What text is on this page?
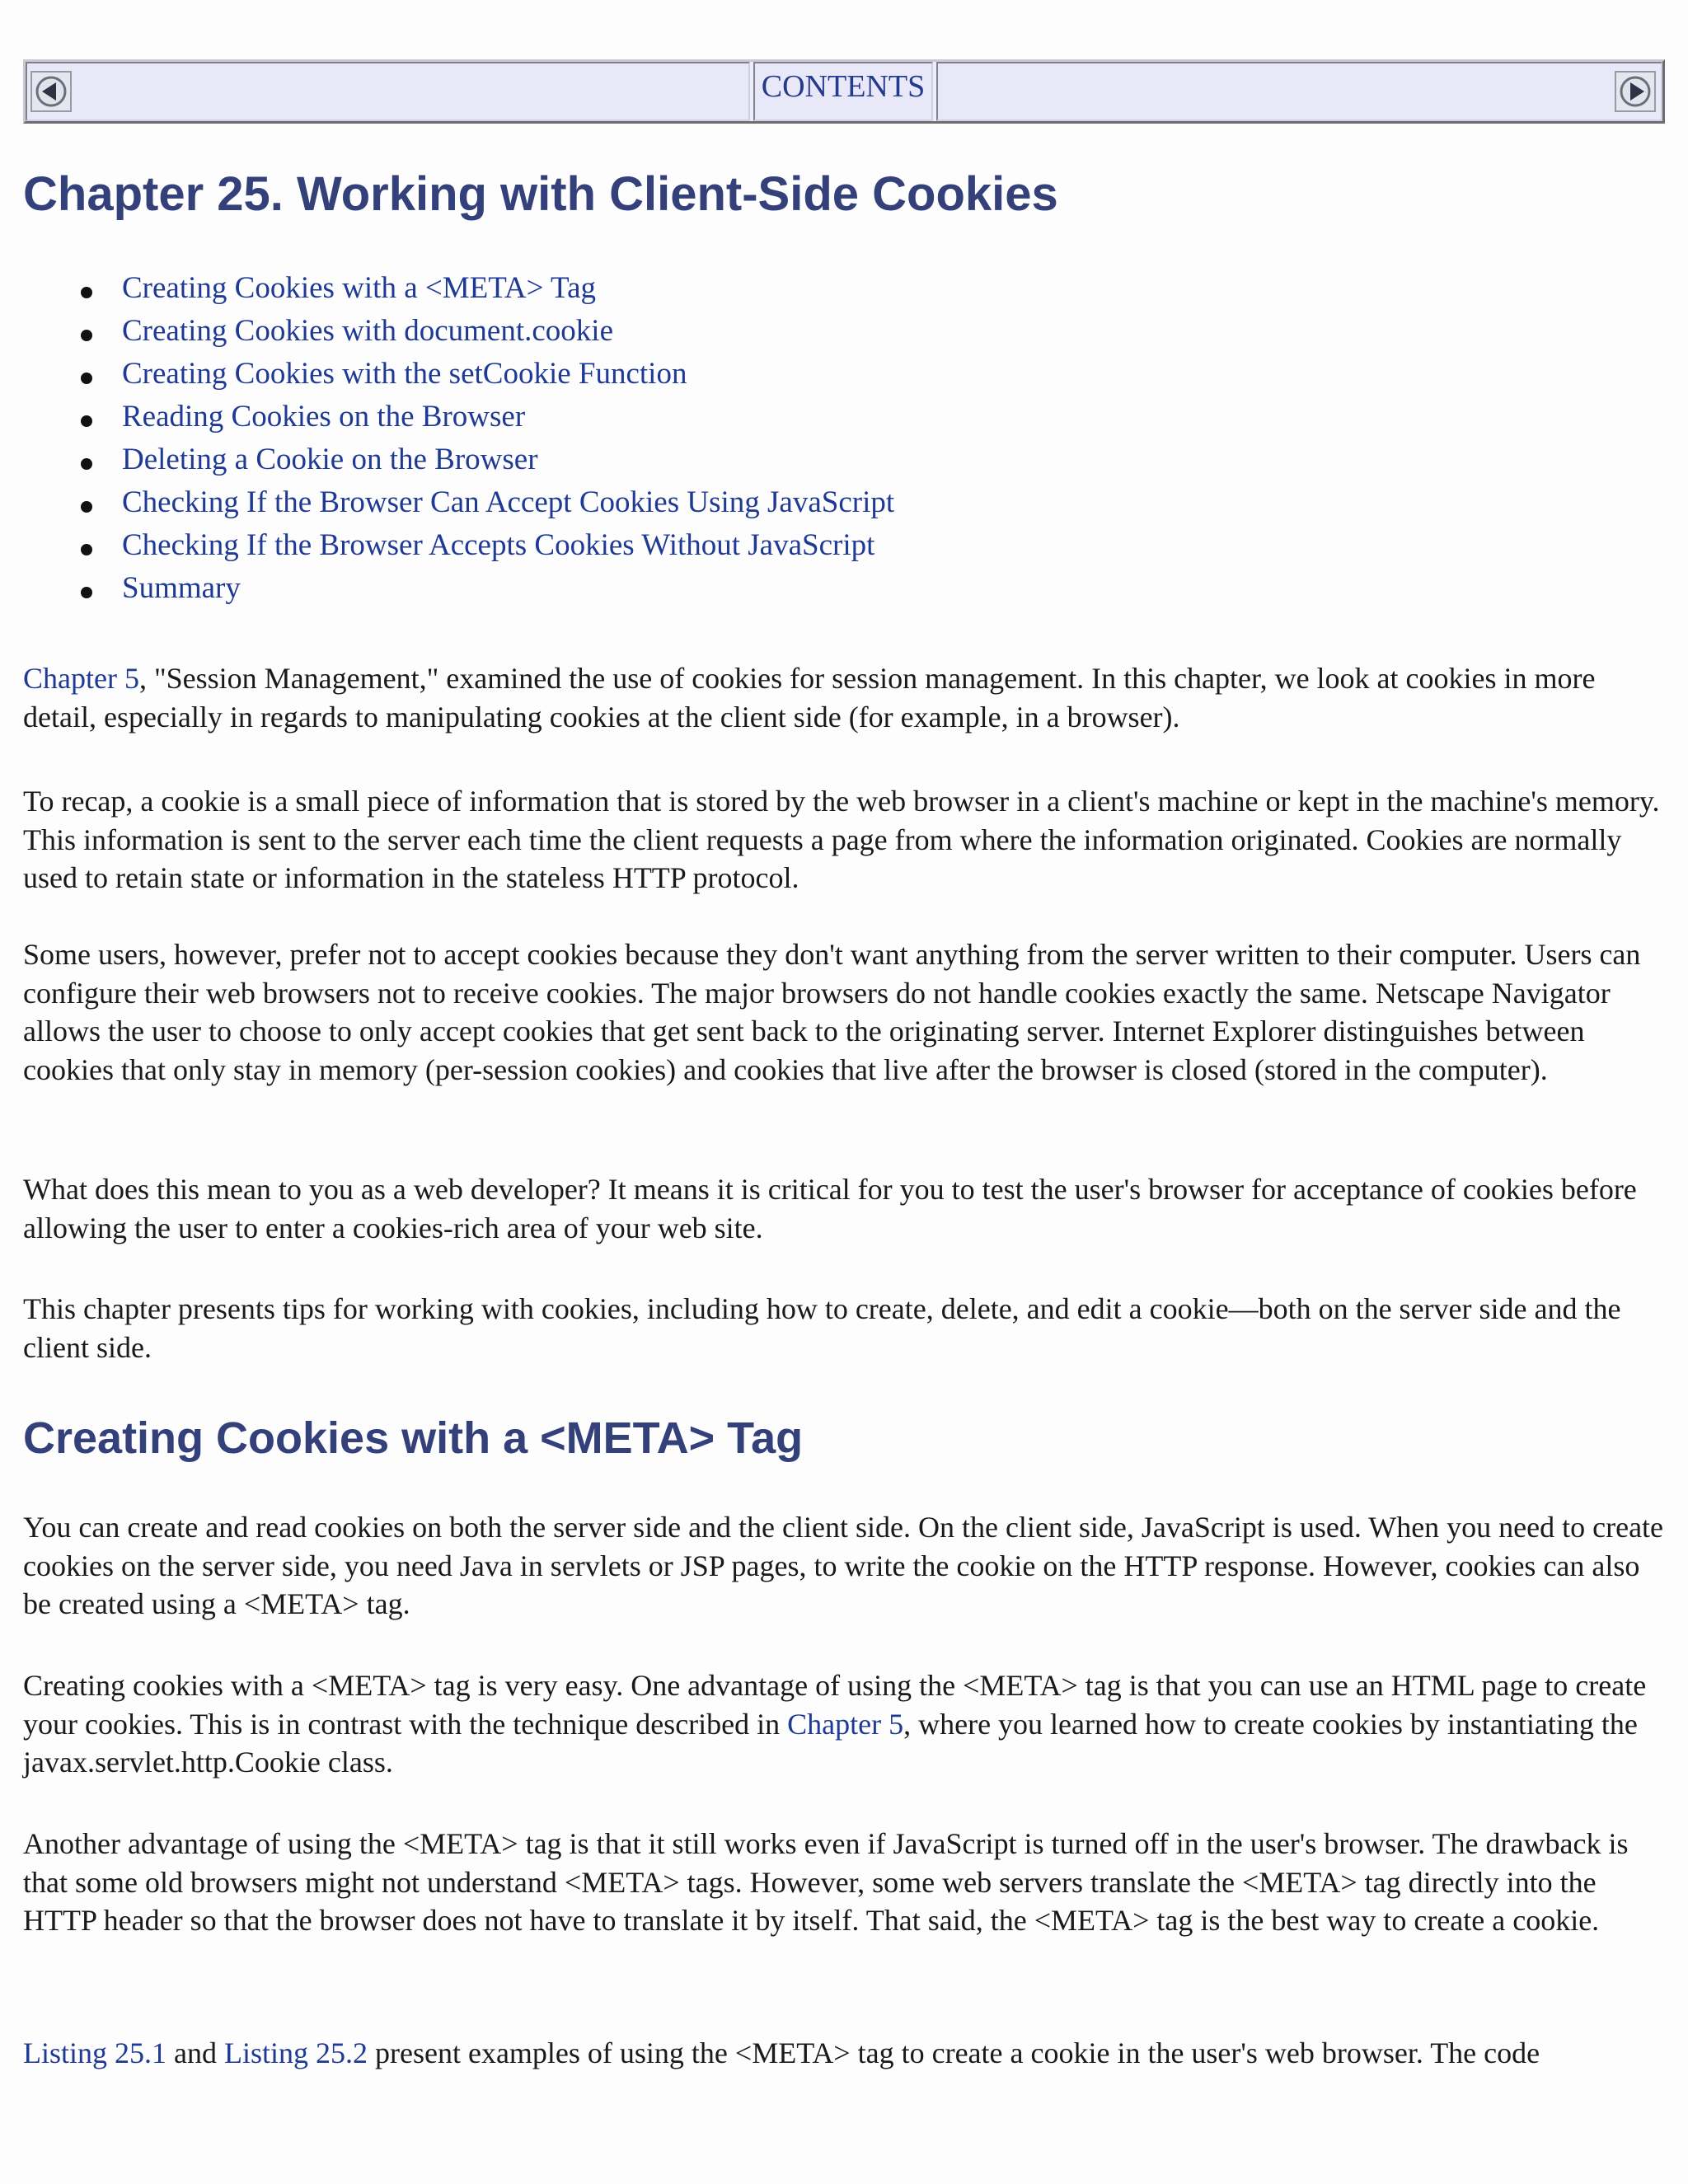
CONTENTS
Chapter 25. Working with Client-Side Cookies
Creating Cookies with a <META> Tag
Creating Cookies with document.cookie
Creating Cookies with the setCookie Function
Reading Cookies on the Browser
Deleting a Cookie on the Browser
Checking If the Browser Can Accept Cookies Using JavaScript
Checking If the Browser Accepts Cookies Without JavaScript
Summary

Chapter 5, "Session Management," examined the use of cookies for session management. In this chapter, we look at cookies in more detail, especially in regards to manipulating cookies at the client side (for example, in a browser).

To recap, a cookie is a small piece of information that is stored by the web browser in a client's machine or kept in the machine's memory. This information is sent to the server each time the client requests a page from where the information originated. Cookies are normally used to retain state or information in the stateless HTTP protocol.

Some users, however, prefer not to accept cookies because they don't want anything from the server written to their computer. Users can configure their web browsers not to receive cookies. The major browsers do not handle cookies exactly the same. Netscape Navigator allows the user to choose to only accept cookies that get sent back to the originating server. Internet Explorer distinguishes between cookies that only stay in memory (per-session cookies) and cookies that live after the browser is closed (stored in the computer).

What does this mean to you as a web developer? It means it is critical for you to test the user's browser for acceptance of cookies before allowing the user to enter a cookies-rich area of your web site.

This chapter presents tips for working with cookies, including how to create, delete, and edit a cookie—both on the server side and the client side.

Creating Cookies with a <META> Tag

You can create and read cookies on both the server side and the client side. On the client side, JavaScript is used. When you need to create cookies on the server side, you need Java in servlets or JSP pages, to write the cookie on the HTTP response. However, cookies can also be created using a <META> tag.

Creating cookies with a <META> tag is very easy. One advantage of using the <META> tag is that you can use an HTML page to create your cookies. This is in contrast with the technique described in Chapter 5, where you learned how to create cookies by instantiating the javax.servlet.http.Cookie class.

Another advantage of using the <META> tag is that it still works even if JavaScript is turned off in the user's browser. The drawback is that some old browsers might not understand <META> tags. However, some web servers translate the <META> tag directly into the HTTP header so that the browser does not have to translate it by itself. That said, the <META> tag is the best way to create a cookie.

Listing 25.1 and Listing 25.2 present examples of using the <META> tag to create a cookie in the user's web browser. The code
